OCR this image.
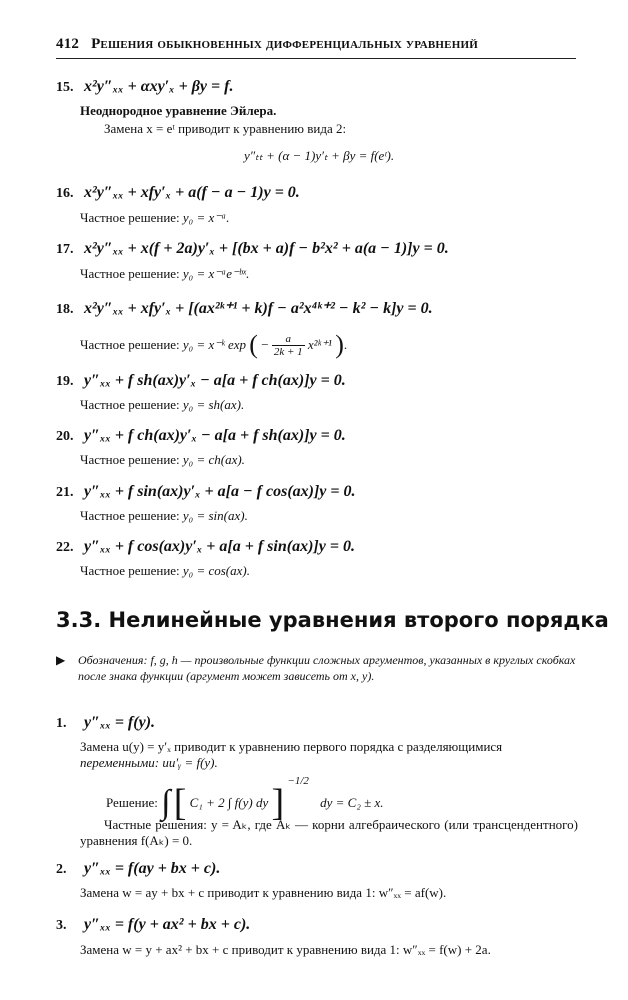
412 Решения обыкновенных дифференциальных уравнений
15. x²y″ₓₓ + αxy′ₓ + βy = f.
Неоднородное уравнение Эйлера.
Замена x = eᵗ приводит к уравнению вида 2:
y″ₜₜ + (α − 1)y′ₜ + βy = f(eᵗ).
16. x²y″ₓₓ + xfy′ₓ + a(f − a − 1)y = 0.
Частное решение: y₀ = x⁻ᵃ.
17. x²y″ₓₓ + x(f + 2a)y′ₓ + [(bx + a)f − b²x² + a(a − 1)]y = 0.
Частное решение: y₀ = x⁻ᵃe⁻ᵇˣ.
18. x²y″ₓₓ + xfy′ₓ + [(ax²ᵏ⁺¹ + k)f − a²x⁴ᵏ⁺² − k² − k]y = 0.
Частное решение: y₀ = x⁻ᵏ exp ( − $\frac{a}{2k + 1}$ x²ᵏ⁺¹ ).
19. y″ₓₓ + f sh(ax)y′ₓ − a[a + f ch(ax)]y = 0.
Частное решение: y₀ = sh(ax).
20. y″ₓₓ + f ch(ax)y′ₓ − a[a + f sh(ax)]y = 0.
Частное решение: y₀ = ch(ax).
21. y″ₓₓ + f sin(ax)y′ₓ + a[a − f cos(ax)]y = 0.
Частное решение: y₀ = sin(ax).
22. y″ₓₓ + f cos(ax)y′ₓ + a[a + f sin(ax)]y = 0.
Частное решение: y₀ = cos(ax).
3.3. Нелинейные уравнения второго порядка
▶ Обозначения: f, g, h — произвольные функции сложных аргументов, указанных в круглых скобках после знака функции (аргумент может зависеть от x, y).
1. y″ₓₓ = f(y).
Замена u(y) = y′ₓ приводит к уравнению первого порядка с разделяющимися
переменными: uu′ᵧ = f(y).
Решение: ∫ [ C₁ + 2 ∫ f(y) dy ] $^{-1/2}$ dy = C₂ ± x.
Частные решения: y = Aₖ, где Aₖ — корни алгебраического (или трансцендентного) уравнения f(Aₖ) = 0.
2. y″ₓₓ = f(ay + bx + c).
Замена w = ay + bx + c приводит к уравнению вида 1: w″ₓₓ = af(w).
3. y″ₓₓ = f(y + ax² + bx + c).
Замена w = y + ax² + bx + c приводит к уравнению вида 1: w″ₓₓ = f(w) + 2a.
